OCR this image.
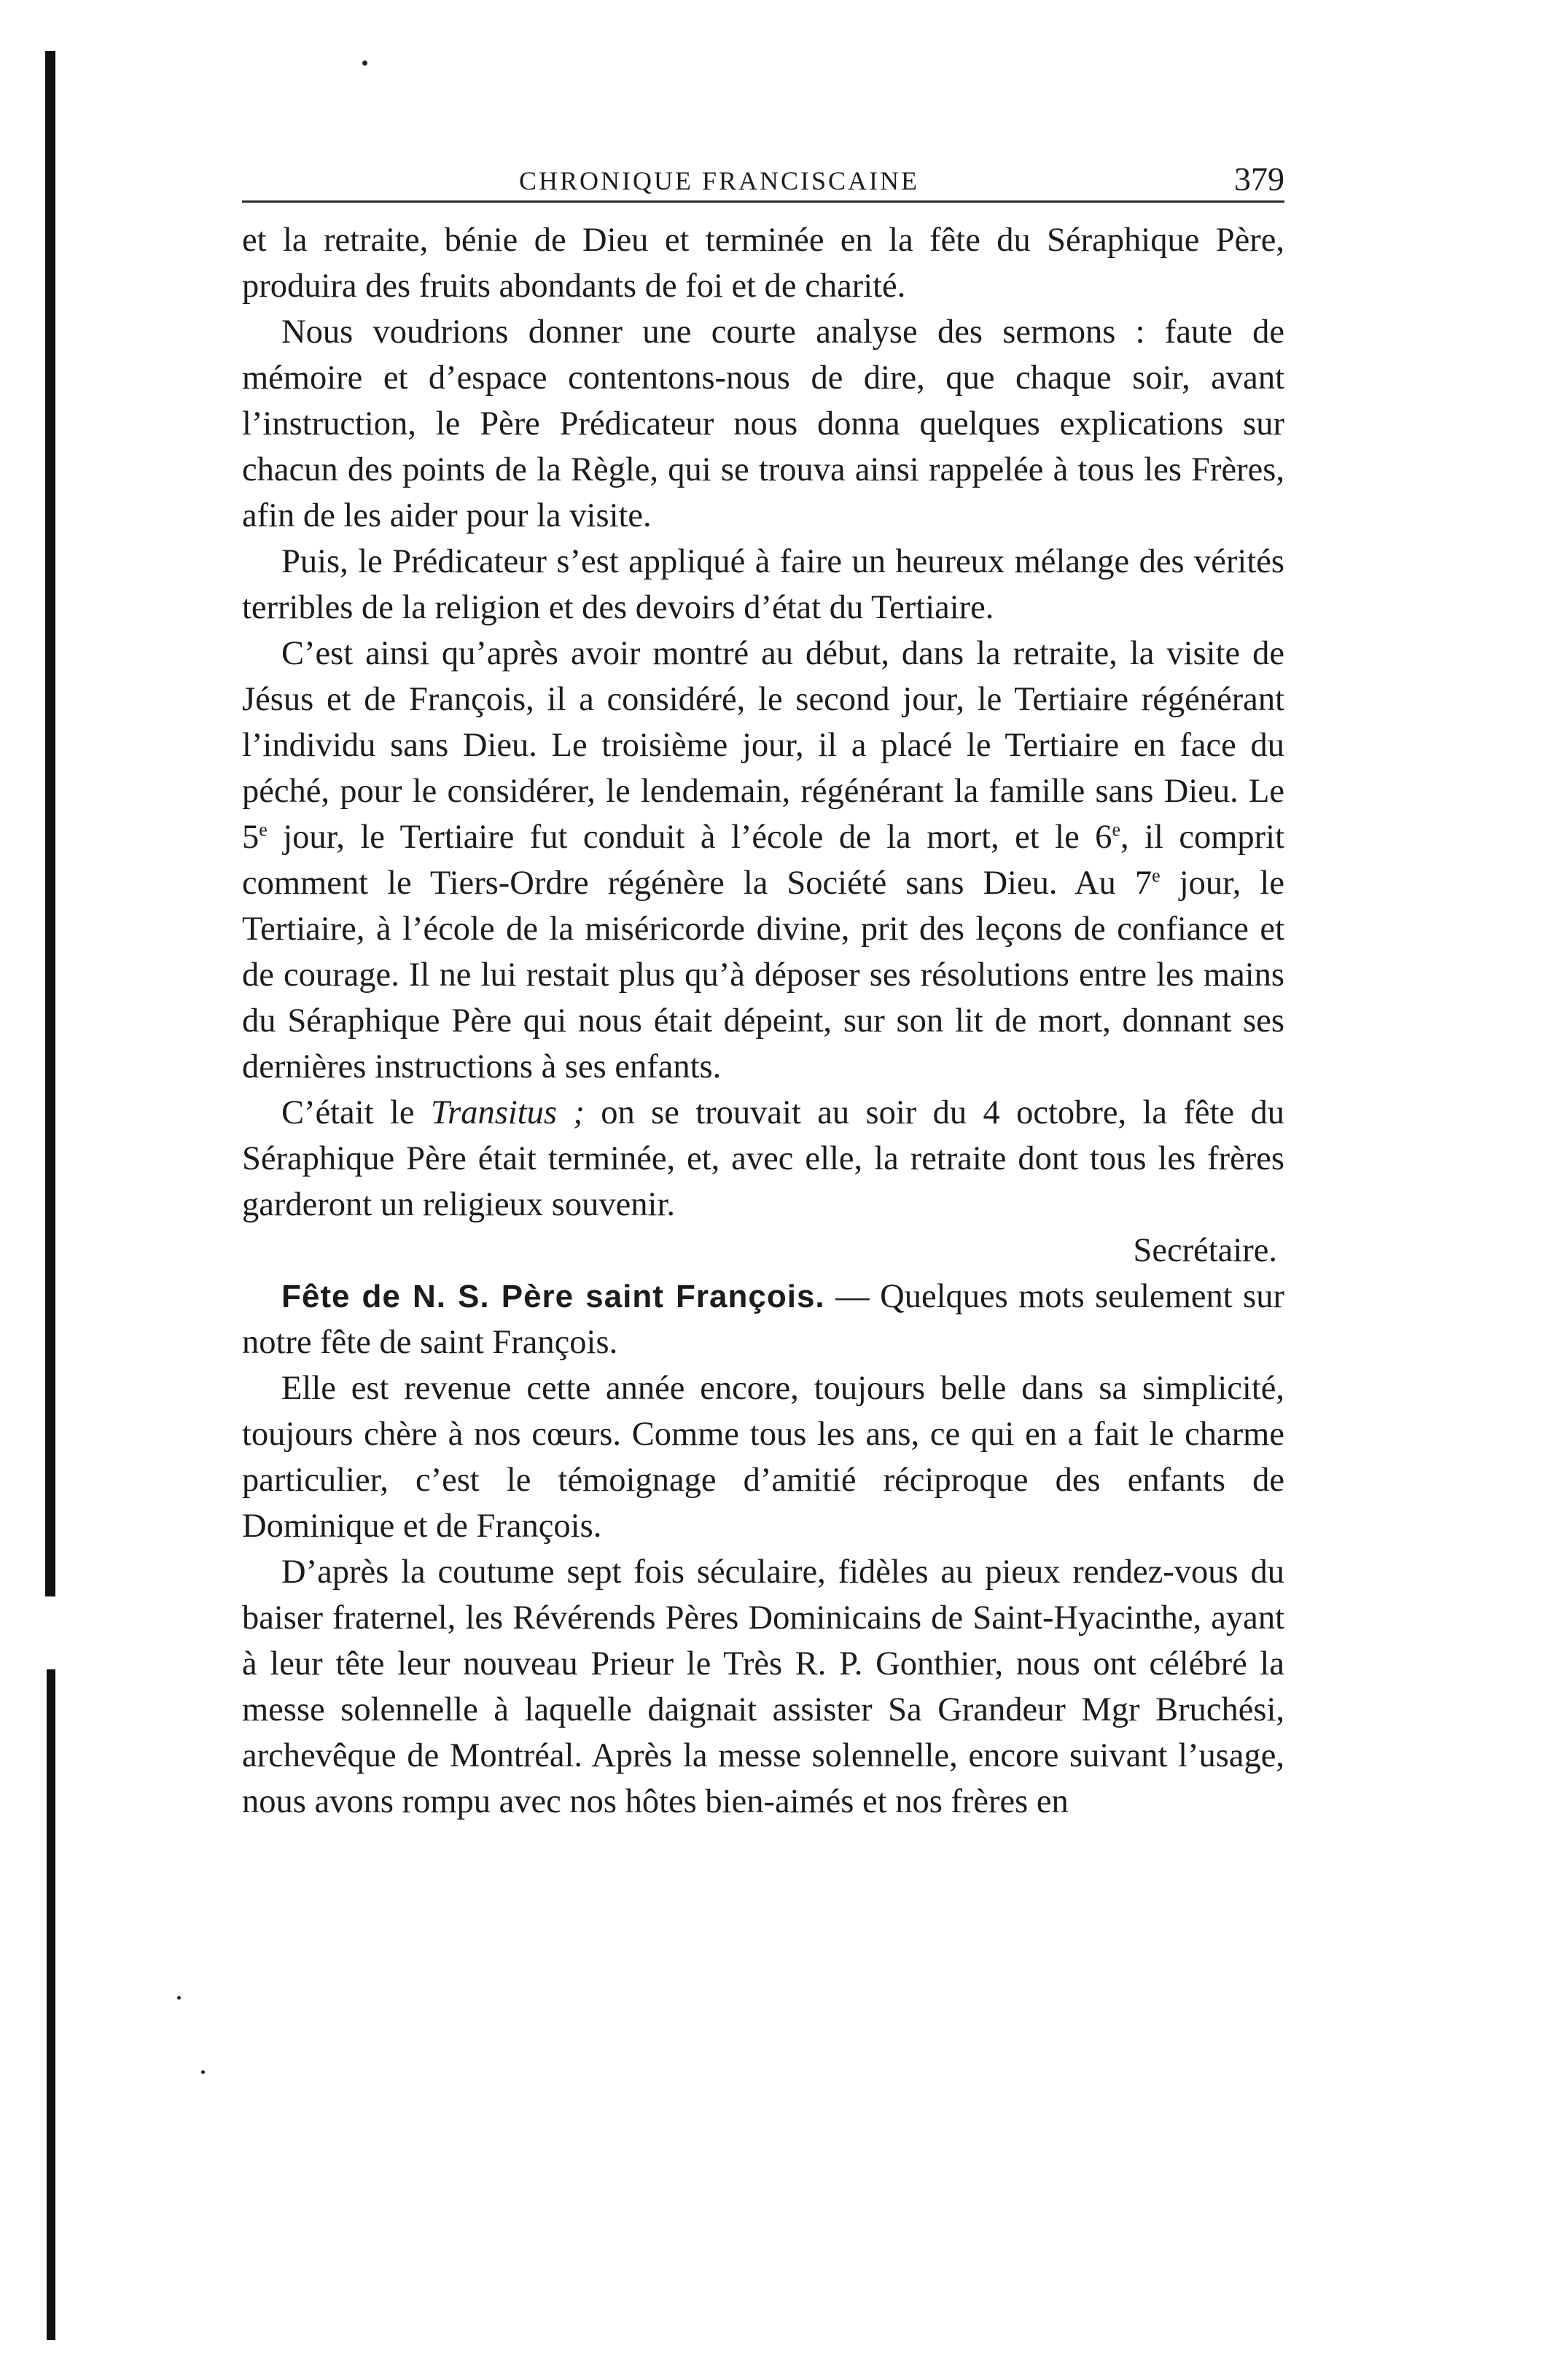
CHRONIQUE FRANCISCAINE	379

et la retraite, bénie de Dieu et terminée en la fête du Séraphique Père, produira des fruits abondants de foi et de charité.

Nous voudrions donner une courte analyse des sermons : faute de mémoire et d’espace contentons-nous de dire, que chaque soir, avant l’instruction, le Père Prédicateur nous donna quelques explications sur chacun des points de la Règle, qui se trouva ainsi rappelée à tous les Frères, afin de les aider pour la visite.

Puis, le Prédicateur s’est appliqué à faire un heureux mélange des vérités terribles de la religion et des devoirs d’état du Tertiaire.

C’est ainsi qu’après avoir montré au début, dans la retraite, la visite de Jésus et de François, il a considéré, le second jour, le Tertiaire régénérant l’individu sans Dieu. Le troisième jour, il a placé le Tertiaire en face du péché, pour le considérer, le lendemain, régénérant la famille sans Dieu. Le 5e jour, le Tertiaire fut conduit à l’école de la mort, et le 6e, il comprit comment le Tiers-Ordre régénère la Société sans Dieu. Au 7e jour, le Tertiaire, à l’école de la miséricorde divine, prit des leçons de confiance et de courage. Il ne lui restait plus qu’à déposer ses résolutions entre les mains du Séraphique Père qui nous était dépeint, sur son lit de mort, donnant ses dernières instructions à ses enfants.

C’était le Transitus ; on se trouvait au soir du 4 octobre, la fête du Séraphique Père était terminée, et, avec elle, la retraite dont tous les frères garderont un religieux souvenir.

Secrétaire.

Fête de N. S. Père saint François. — Quelques mots seulement sur notre fête de saint François.

Elle est revenue cette année encore, toujours belle dans sa simplicité, toujours chère à nos cœurs. Comme tous les ans, ce qui en a fait le charme particulier, c’est le témoignage d’amitié réciproque des enfants de Dominique et de François.

D’après la coutume sept fois séculaire, fidèles au pieux rendez-vous du baiser fraternel, les Révérends Pères Dominicains de Saint-Hyacinthe, ayant à leur tête leur nouveau Prieur le Très R. P. Gonthier, nous ont célébré la messe solennelle à laquelle daignait assister Sa Grandeur Mgr Bruchési, archevêque de Montréal. Après la messe solennelle, encore suivant l’usage, nous avons rompu avec nos hôtes bien-aimés et nos frères en
